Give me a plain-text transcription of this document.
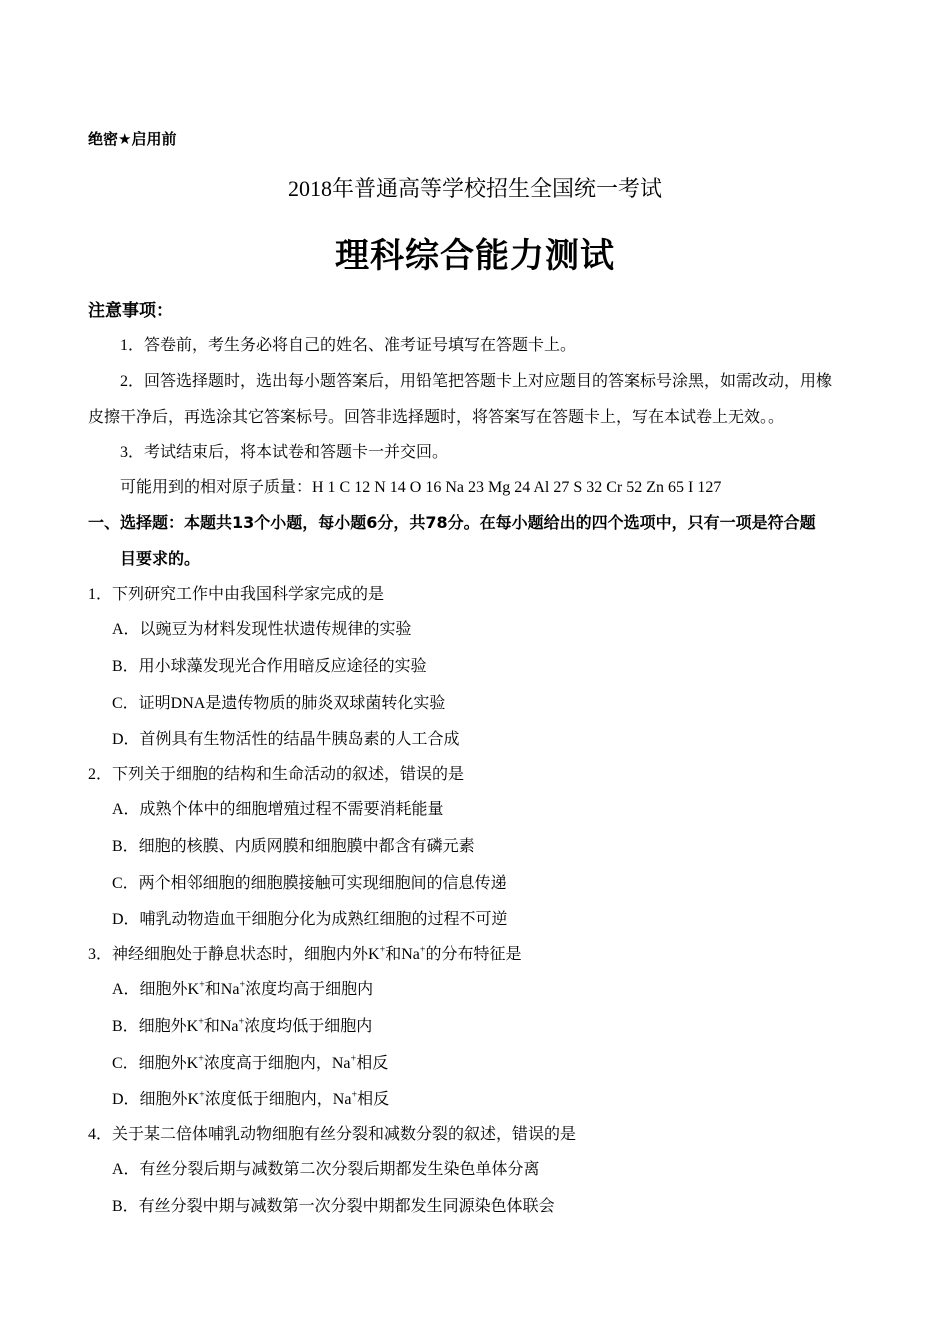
绝密★启用前
2018年普通高等学校招生全国统一考试
理科综合能力测试
注意事项：
1．答卷前，考生务必将自己的姓名、准考证号填写在答题卡上。
2．回答选择题时，选出每小题答案后，用铅笔把答题卡上对应题目的答案标号涂黑，如需改动，用橡
皮擦干净后，再选涂其它答案标号。回答非选择题时，将答案写在答题卡上，写在本试卷上无效。。
3．考试结束后，将本试卷和答题卡一并交回。
可能用到的相对原子质量：H 1 C 12 N 14 O 16 Na 23 Mg 24 Al 27 S 32 Cr 52 Zn 65 I 127
一、选择题：本题共13个小题，每小题6分，共78分。在每小题给出的四个选项中，只有一项是符合题
目要求的。
1．下列研究工作中由我国科学家完成的是
A．以豌豆为材料发现性状遗传规律的实验
B．用小球藻发现光合作用暗反应途径的实验
C．证明DNA是遗传物质的肺炎双球菌转化实验
D．首例具有生物活性的结晶牛胰岛素的人工合成
2．下列关于细胞的结构和生命活动的叙述，错误的是
A．成熟个体中的细胞增殖过程不需要消耗能量
B．细胞的核膜、内质网膜和细胞膜中都含有磷元素
C．两个相邻细胞的细胞膜接触可实现细胞间的信息传递
D．哺乳动物造血干细胞分化为成熟红细胞的过程不可逆
3．神经细胞处于静息状态时，细胞内外K+和Na+的分布特征是
A．细胞外K+和Na+浓度均高于细胞内
B．细胞外K+和Na+浓度均低于细胞内
C．细胞外K+浓度高于细胞内，Na+相反
D．细胞外K+浓度低于细胞内，Na+相反
4．关于某二倍体哺乳动物细胞有丝分裂和减数分裂的叙述，错误的是
A．有丝分裂后期与减数第二次分裂后期都发生染色单体分离
B．有丝分裂中期与减数第一次分裂中期都发生同源染色体联会
